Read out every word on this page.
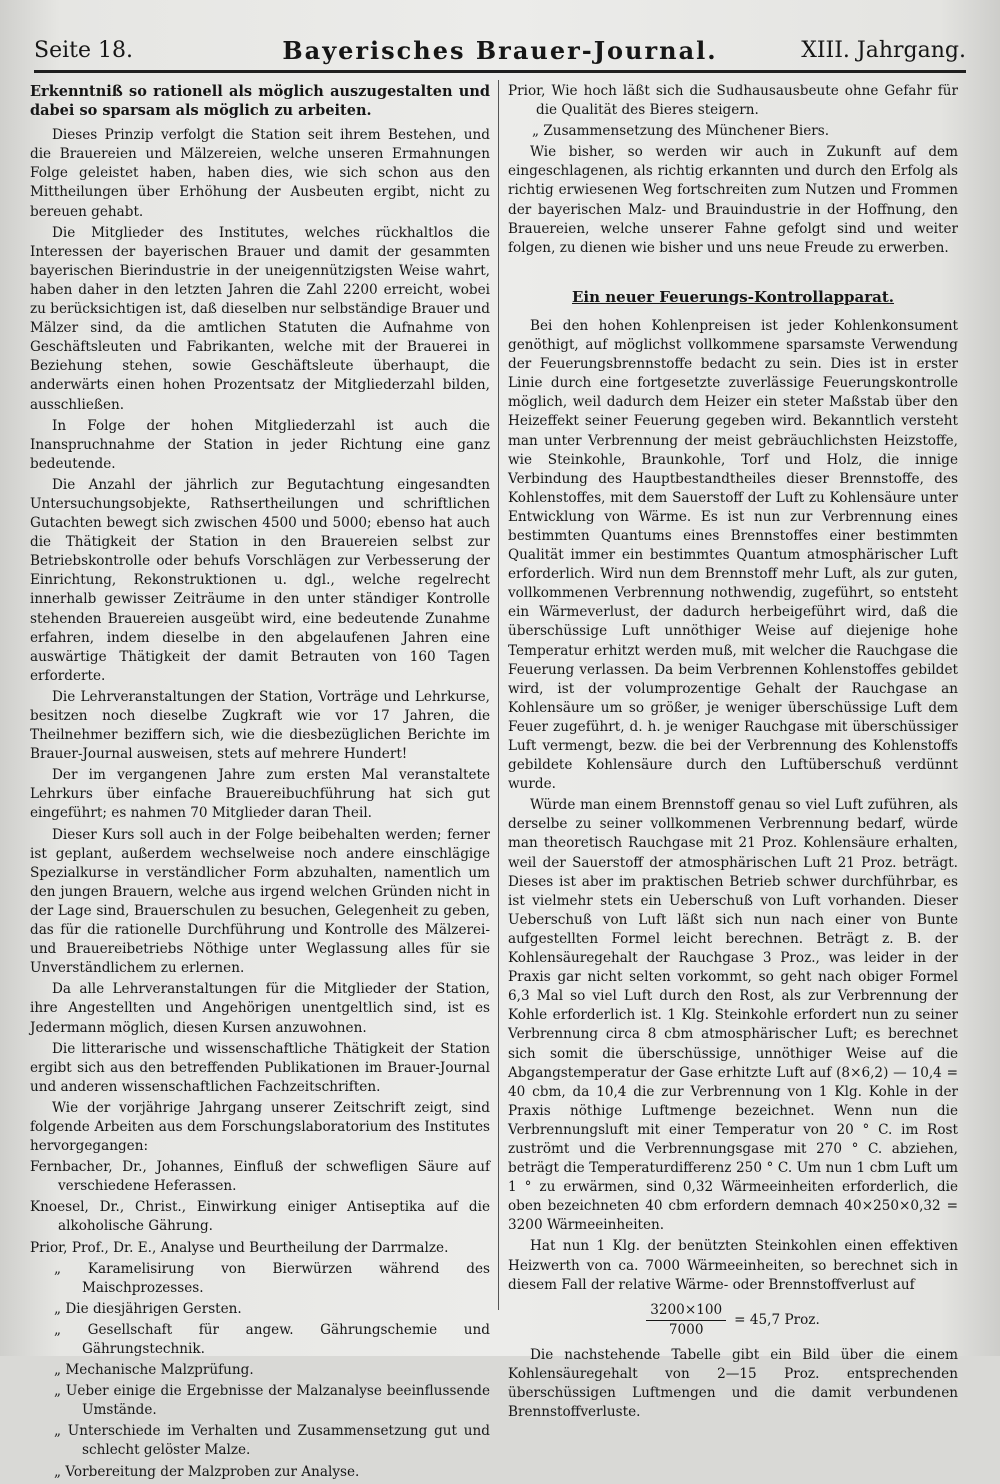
Seite 18.	Bayerisches Brauer-Journal.	XIII. Jahrgang.

Erkenntniß so rationell als möglich auszugestalten und dabei so sparsam als möglich zu arbeiten.

Dieses Prinzip verfolgt die Station seit ihrem Bestehen, und die Brauereien und Mälzereien, welche unseren Ermahnungen Folge geleistet haben, haben dies, wie sich schon aus den Mittheilungen über Erhöhung der Ausbeuten ergibt, nicht zu bereuen gehabt.

Die Mitglieder des Institutes, welches rückhaltlos die Interessen der bayerischen Brauer und damit der gesammten bayerischen Bierindustrie in der uneigennützigsten Weise wahrt, haben daher in den letzten Jahren die Zahl 2200 erreicht, wobei zu berücksichtigen ist, daß dieselben nur selbständige Brauer und Mälzer sind, da die amtlichen Statuten die Aufnahme von Geschäftsleuten und Fabrikanten, welche mit der Brauerei in Beziehung stehen, sowie Geschäftsleute überhaupt, die anderwärts einen hohen Prozentsatz der Mitgliederzahl bilden, ausschließen.

In Folge der hohen Mitgliederzahl ist auch die Inanspruchnahme der Station in jeder Richtung eine ganz bedeutende.

Die Anzahl der jährlich zur Begutachtung eingesandten Untersuchungsobjekte, Rathsertheilungen und schriftlichen Gutachten bewegt sich zwischen 4500 und 5000; ebenso hat auch die Thätigkeit der Station in den Brauereien selbst zur Betriebskontrolle oder behufs Vorschlägen zur Verbesserung der Einrichtung, Rekonstruktionen u. dgl., welche regelrecht innerhalb gewisser Zeiträume in den unter ständiger Kontrolle stehenden Brauereien ausgeübt wird, eine bedeutende Zunahme erfahren, indem dieselbe in den abgelaufenen Jahren eine auswärtige Thätigkeit der damit Betrauten von 160 Tagen erforderte.

Die Lehrveranstaltungen der Station, Vorträge und Lehrkurse, besitzen noch dieselbe Zugkraft wie vor 17 Jahren, die Theilnehmer beziffern sich, wie die diesbezüglichen Berichte im Brauer-Journal ausweisen, stets auf mehrere Hundert!

Der im vergangenen Jahre zum ersten Mal veranstaltete Lehrkurs über einfache Brauereibuchführung hat sich gut eingeführt; es nahmen 70 Mitglieder daran Theil.

Dieser Kurs soll auch in der Folge beibehalten werden; ferner ist geplant, außerdem wechselweise noch andere einschlägige Spezialkurse in verständlicher Form abzuhalten, namentlich um den jungen Brauern, welche aus irgend welchen Gründen nicht in der Lage sind, Brauerschulen zu besuchen, Gelegenheit zu geben, das für die rationelle Durchführung und Kontrolle des Mälzerei- und Brauereibetriebs Nöthige unter Weglassung alles für sie Unverständlichem zu erlernen.

Da alle Lehrveranstaltungen für die Mitglieder der Station, ihre Angestellten und Angehörigen unentgeltlich sind, ist es Jedermann möglich, diesen Kursen anzuwohnen.

Die litterarische und wissenschaftliche Thätigkeit der Station ergibt sich aus den betreffenden Publikationen im Brauer-Journal und anderen wissenschaftlichen Fachzeitschriften.

Wie der vorjährige Jahrgang unserer Zeitschrift zeigt, sind folgende Arbeiten aus dem Forschungslaboratorium des Institutes hervorgegangen:

Fernbacher, Dr., Johannes, Einfluß der schwefligen Säure auf verschiedene Heferassen.
Knoesel, Dr., Christ., Einwirkung einiger Antiseptika auf die alkoholische Gährung.
Prior, Prof., Dr. E., Analyse und Beurtheilung der Darrmalze.
„ Karamelisirung von Bierwürzen während des Maischprozesses.
„ Die diesjährigen Gersten.
„ Gesellschaft für angew. Gährungschemie und Gährungstechnik.
„ Mechanische Malzprüfung.
„ Ueber einige die Ergebnisse der Malzanalyse beeinflussende Umstände.
„ Unterschiede im Verhalten und Zusammensetzung gut und schlecht gelöster Malze.
„ Vorbereitung der Malzproben zur Analyse.
Prior, Wie hoch läßt sich die Sudhausausbeute ohne Gefahr für die Qualität des Bieres steigern.
„ Zusammensetzung des Münchener Biers.

Wie bisher, so werden wir auch in Zukunft auf dem eingeschlagenen, als richtig erkannten und durch den Erfolg als richtig erwiesenen Weg fortschreiten zum Nutzen und Frommen der bayerischen Malz- und Brauindustrie in der Hoffnung, den Brauereien, welche unserer Fahne gefolgt sind und weiter folgen, zu dienen wie bisher und uns neue Freude zu erwerben.

Ein neuer Feuerungs-Kontrollapparat.

Bei den hohen Kohlenpreisen ist jeder Kohlenkonsument genöthigt, auf möglichst vollkommene sparsamste Verwendung der Feuerungsbrennstoffe bedacht zu sein. Dies ist in erster Linie durch eine fortgesetzte zuverlässige Feuerungskontrolle möglich, weil dadurch dem Heizer ein steter Maßstab über den Heizeffekt seiner Feuerung gegeben wird. Bekanntlich versteht man unter Verbrennung der meist gebräuchlichsten Heizstoffe, wie Steinkohle, Braunkohle, Torf und Holz, die innige Verbindung des Hauptbestandtheiles dieser Brennstoffe, des Kohlenstoffes, mit dem Sauerstoff der Luft zu Kohlensäure unter Entwicklung von Wärme. Es ist nun zur Verbrennung eines bestimmten Quantums eines Brennstoffes einer bestimmten Qualität immer ein bestimmtes Quantum atmosphärischer Luft erforderlich. Wird nun dem Brennstoff mehr Luft, als zur guten, vollkommenen Verbrennung nothwendig, zugeführt, so entsteht ein Wärmeverlust, der dadurch herbeigeführt wird, daß die überschüssige Luft unnöthiger Weise auf diejenige hohe Temperatur erhitzt werden muß, mit welcher die Rauchgase die Feuerung verlassen. Da beim Verbrennen Kohlenstoffes gebildet wird, ist der volumprozentige Gehalt der Rauchgase an Kohlensäure um so größer, je weniger überschüssige Luft dem Feuer zugeführt, d. h. je weniger Rauchgase mit überschüssiger Luft vermengt, bezw. die bei der Verbrennung des Kohlenstoffs gebildete Kohlensäure durch den Luftüberschuß verdünnt wurde.

Würde man einem Brennstoff genau so viel Luft zuführen, als derselbe zu seiner vollkommenen Verbrennung bedarf, würde man theoretisch Rauchgase mit 21 Proz. Kohlensäure erhalten, weil der Sauerstoff der atmosphärischen Luft 21 Proz. beträgt. Dieses ist aber im praktischen Betrieb schwer durchführbar, es ist vielmehr stets ein Ueberschuß von Luft vorhanden. Dieser Ueberschuß von Luft läßt sich nun nach einer von Bunte aufgestellten Formel leicht berechnen. Beträgt z. B. der Kohlensäuregehalt der Rauchgase 3 Proz., was leider in der Praxis gar nicht selten vorkommt, so geht nach obiger Formel 6,3 Mal so viel Luft durch den Rost, als zur Verbrennung der Kohle erforderlich ist. 1 Klg. Steinkohle erfordert nun zu seiner Verbrennung circa 8 cbm atmosphärischer Luft; es berechnet sich somit die überschüssige, unnöthiger Weise auf die Abgangstemperatur der Gase erhitzte Luft auf (8×6,2) — 10,4 = 40 cbm, da 10,4 die zur Verbrennung von 1 Klg. Kohle in der Praxis nöthige Luftmenge bezeichnet. Wenn nun die Verbrennungsluft mit einer Temperatur von 20 ° C. im Rost zuströmt und die Verbrennungsgase mit 270 ° C. abziehen, beträgt die Temperaturdifferenz 250 ° C. Um nun 1 cbm Luft um 1 ° zu erwärmen, sind 0,32 Wärmeeinheiten erforderlich, die oben bezeichneten 40 cbm erfordern demnach 40×250×0,32 = 3200 Wärmeeinheiten.

Hat nun 1 Klg. der benützten Steinkohlen einen effektiven Heizwerth von ca. 7000 Wärmeeinheiten, so berechnet sich in diesem Fall der relative Wärme- oder Brennstoffverlust auf

$\frac{3200\times 100}{7000} = 45,7$ Proz.

Die nachstehende Tabelle gibt ein Bild über die einem Kohlensäuregehalt von 2—15 Proz. entsprechenden überschüssigen Luftmengen und die damit verbundenen Brennstoffverluste.
